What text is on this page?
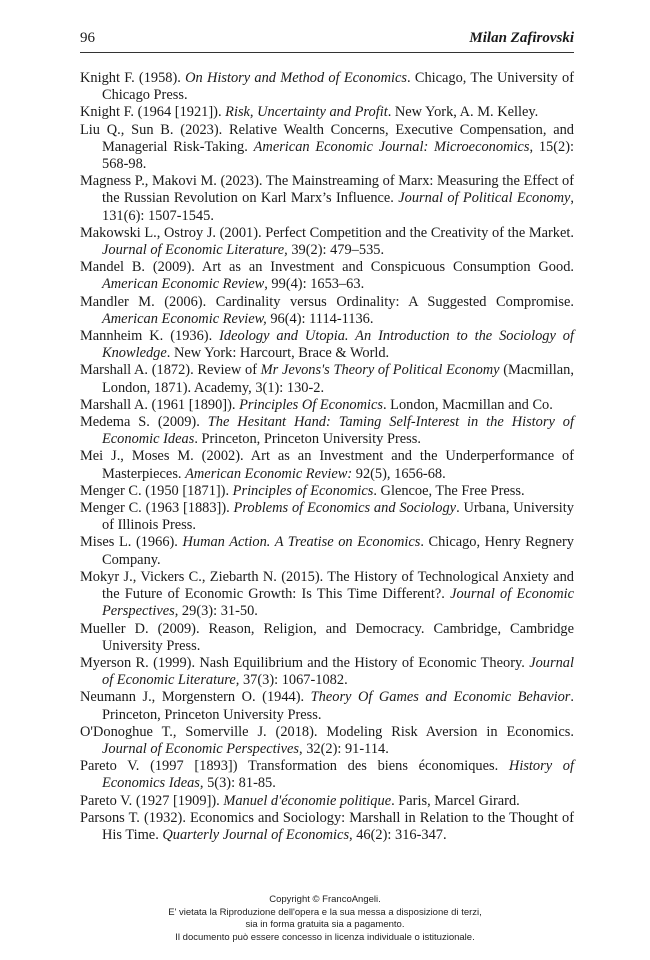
96	Milan Zafirovski
Knight F. (1958). On History and Method of Economics. Chicago, The University of Chicago Press.
Knight F. (1964 [1921]). Risk, Uncertainty and Profit. New York, A. M. Kelley.
Liu Q., Sun B. (2023). Relative Wealth Concerns, Executive Compensation, and Managerial Risk-Taking. American Economic Journal: Microeconomics, 15(2): 568-98.
Magness P., Makovi M. (2023). The Mainstreaming of Marx: Measuring the Effect of the Russian Revolution on Karl Marx’s Influence. Journal of Political Economy, 131(6): 1507-1545.
Makowski L., Ostroy J. (2001). Perfect Competition and the Creativity of the Market. Journal of Economic Literature, 39(2): 479–535.
Mandel B. (2009). Art as an Investment and Conspicuous Consumption Good. American Economic Review, 99(4): 1653–63.
Mandler M. (2006). Cardinality versus Ordinality: A Suggested Compromise. American Economic Review, 96(4): 1114-1136.
Mannheim K. (1936). Ideology and Utopia. An Introduction to the Sociology of Knowledge. New York: Harcourt, Brace & World.
Marshall A. (1872). Review of Mr Jevons's Theory of Political Economy (Macmillan, London, 1871). Academy, 3(1): 130-2.
Marshall A. (1961 [1890]). Principles Of Economics. London, Macmillan and Co.
Medema S. (2009). The Hesitant Hand: Taming Self-Interest in the History of Economic Ideas. Princeton, Princeton University Press.
Mei J., Moses M. (2002). Art as an Investment and the Underperformance of Masterpieces. American Economic Review: 92(5), 1656-68.
Menger C. (1950 [1871]). Principles of Economics. Glencoe, The Free Press.
Menger C. (1963 [1883]). Problems of Economics and Sociology. Urbana, University of Illinois Press.
Mises L. (1966). Human Action. A Treatise on Economics. Chicago, Henry Regnery Company.
Mokyr J., Vickers C., Ziebarth N. (2015). The History of Technological Anxiety and the Future of Economic Growth: Is This Time Different?. Journal of Economic Perspectives, 29(3): 31-50.
Mueller D. (2009). Reason, Religion, and Democracy. Cambridge, Cambridge University Press.
Myerson R. (1999). Nash Equilibrium and the History of Economic Theory. Journal of Economic Literature, 37(3): 1067-1082.
Neumann J., Morgenstern O. (1944). Theory Of Games and Economic Behavior. Princeton, Princeton University Press.
O'Donoghue T., Somerville J. (2018). Modeling Risk Aversion in Economics. Journal of Economic Perspectives, 32(2): 91-114.
Pareto V. (1997 [1893]) Transformation des biens économiques. History of Economics Ideas, 5(3): 81-85.
Pareto V. (1927 [1909]). Manuel d'économie politique. Paris, Marcel Girard.
Parsons T. (1932). Economics and Sociology: Marshall in Relation to the Thought of His Time. Quarterly Journal of Economics, 46(2): 316-347.
Copyright © FrancoAngeli.
E' vietata la Riproduzione dell'opera e la sua messa a disposizione di terzi,
sia in forma gratuita sia a pagamento.
Il documento può essere concesso in licenza individuale o istituzionale.
